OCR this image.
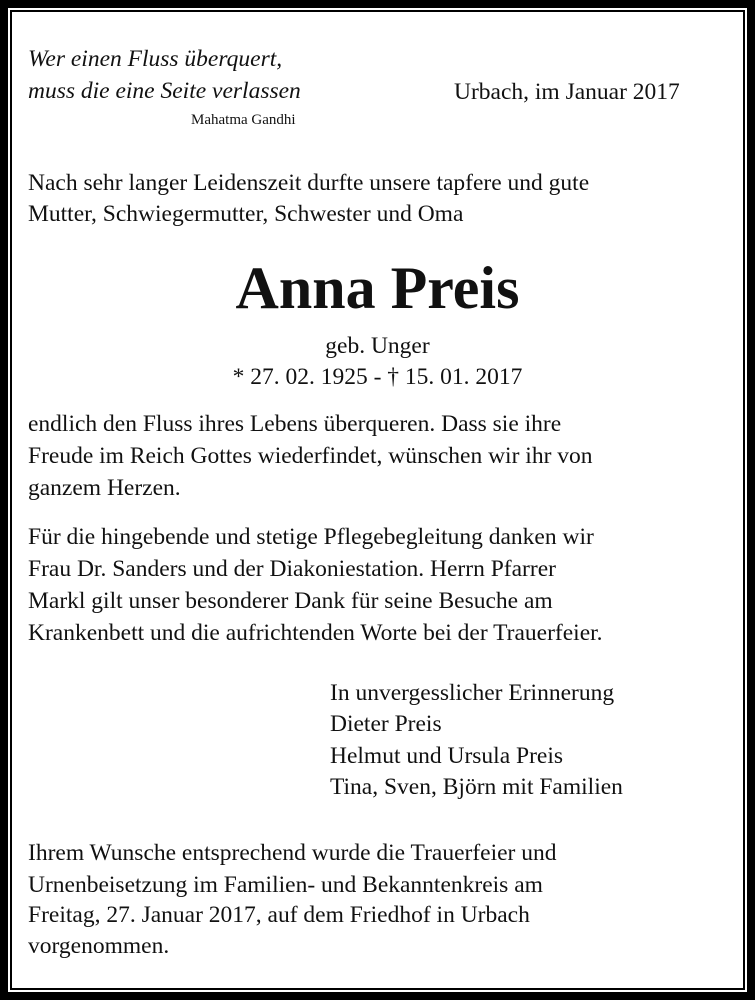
Wer einen Fluss überquert,
muss die eine Seite verlassen
Mahatma Gandhi
Urbach, im Januar 2017
Nach sehr langer Leidenszeit durfte unsere tapfere und gute
Mutter, Schwiegermutter, Schwester und Oma
Anna Preis
geb. Unger
* 27. 02. 1925 - † 15. 01. 2017
endlich den Fluss ihres Lebens überqueren. Dass sie ihre
Freude im Reich Gottes wiederfindet, wünschen wir ihr von
ganzem Herzen.
Für die hingebende und stetige Pflegebegleitung danken wir
Frau Dr. Sanders und der Diakoniestation. Herrn Pfarrer
Markl gilt unser besonderer Dank für seine Besuche am
Krankenbett und die aufrichtenden Worte bei der Trauerfeier.
In unvergesslicher Erinnerung
Dieter Preis
Helmut und Ursula Preis
Tina, Sven, Björn mit Familien
Ihrem Wunsche entsprechend wurde die Trauerfeier und
Urnenbeisetzung im Familien- und Bekanntenkreis am
Freitag, 27. Januar 2017, auf dem Friedhof in Urbach
vorgenommen.
